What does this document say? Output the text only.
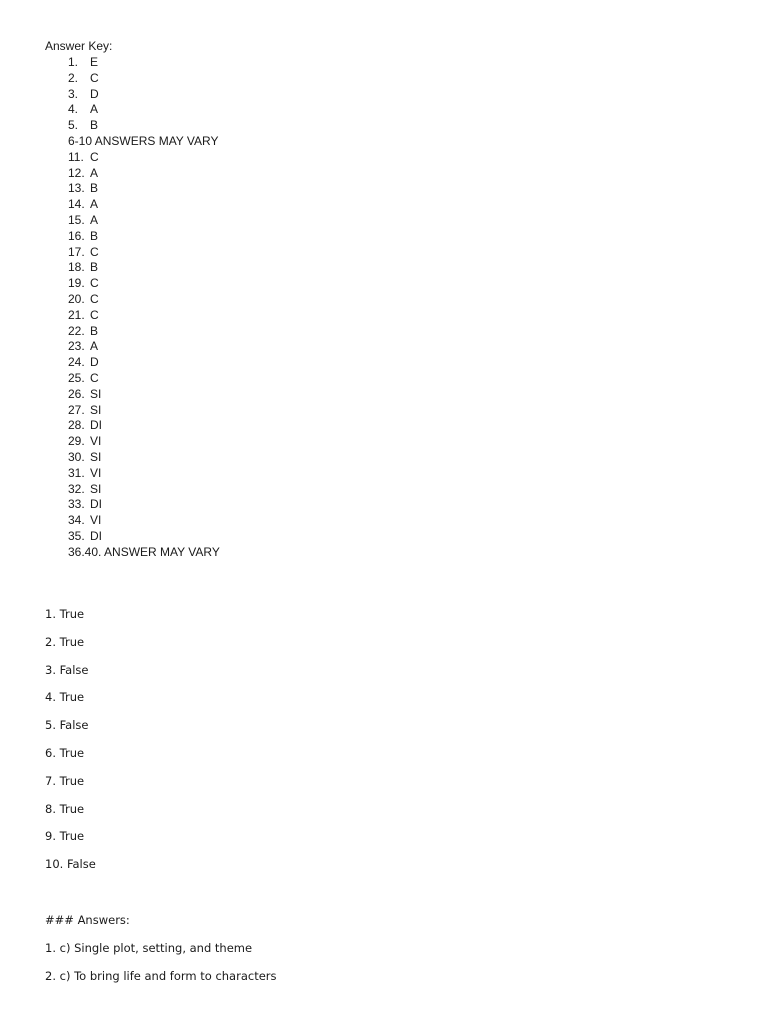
Answer Key:

1. E
2. C
3. D
4. A
5. B
6-10 ANSWERS MAY VARY
11. C
12. A
13. B
14. A
15. A
16. B
17. C
18. B
19. C
20. C
21. C
22. B
23. A
24. D
25. C
26. SI
27. SI
28. DI
29. VI
30. SI
31. VI
32. SI
33. DI
34. VI
35. DI
36.40. ANSWER MAY VARY
1. True
2. True
3. False
4. True
5. False
6. True
7. True
8. True
9. True
10. False
### Answers:
1. c) Single plot, setting, and theme
2. c) To bring life and form to characters
